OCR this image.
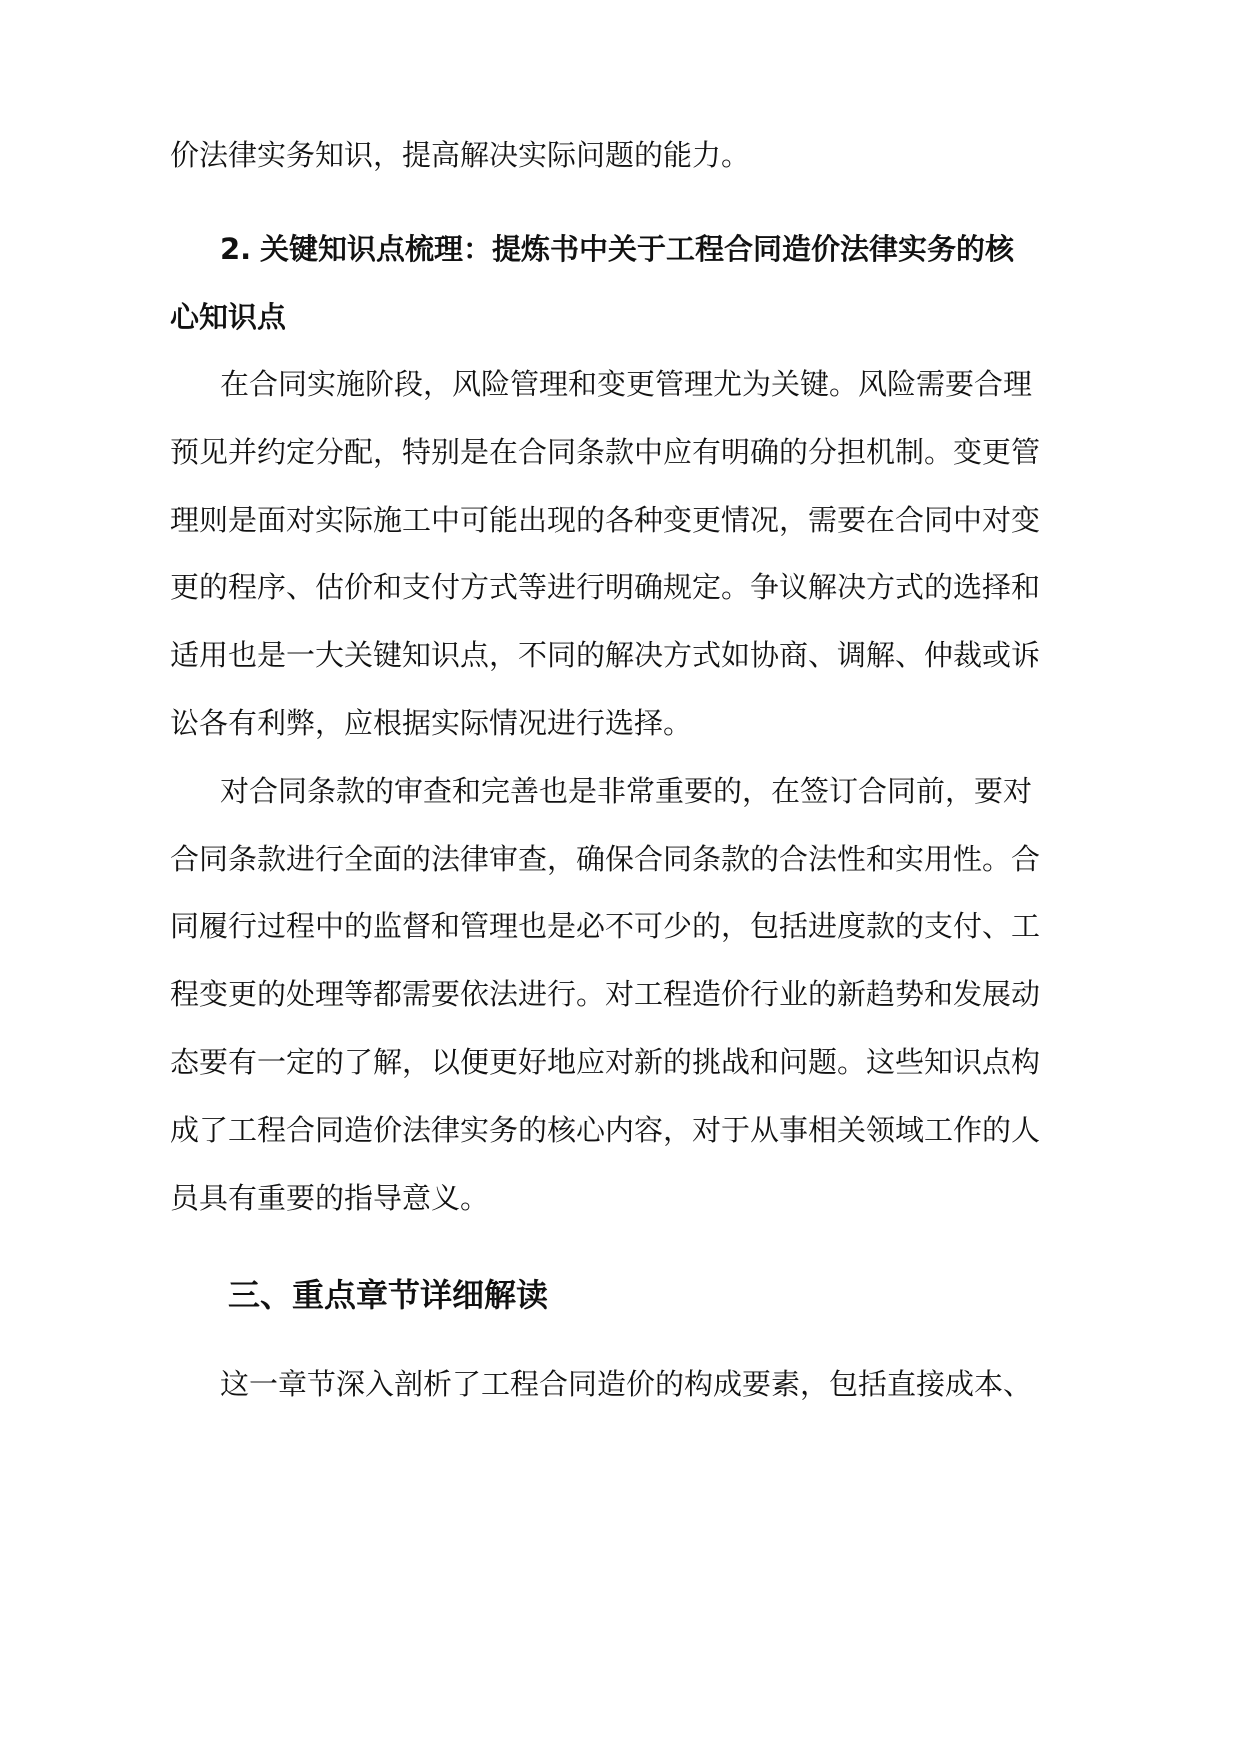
价法律实务知识，提高解决实际问题的能力。
2. 关键知识点梳理：提炼书中关于工程合同造价法律实务的核
心知识点
在合同实施阶段，风险管理和变更管理尤为关键。风险需要合理
预见并约定分配，特别是在合同条款中应有明确的分担机制。变更管
理则是面对实际施工中可能出现的各种变更情况，需要在合同中对变
更的程序、估价和支付方式等进行明确规定。争议解决方式的选择和
适用也是一大关键知识点，不同的解决方式如协商、调解、仲裁或诉
讼各有利弊，应根据实际情况进行选择。
对合同条款的审查和完善也是非常重要的，在签订合同前，要对
合同条款进行全面的法律审查，确保合同条款的合法性和实用性。合
同履行过程中的监督和管理也是必不可少的，包括进度款的支付、工
程变更的处理等都需要依法进行。对工程造价行业的新趋势和发展动
态要有一定的了解，以便更好地应对新的挑战和问题。这些知识点构
成了工程合同造价法律实务的核心内容，对于从事相关领域工作的人
员具有重要的指导意义。
三、重点章节详细解读
这一章节深入剖析了工程合同造价的构成要素，包括直接成本、
